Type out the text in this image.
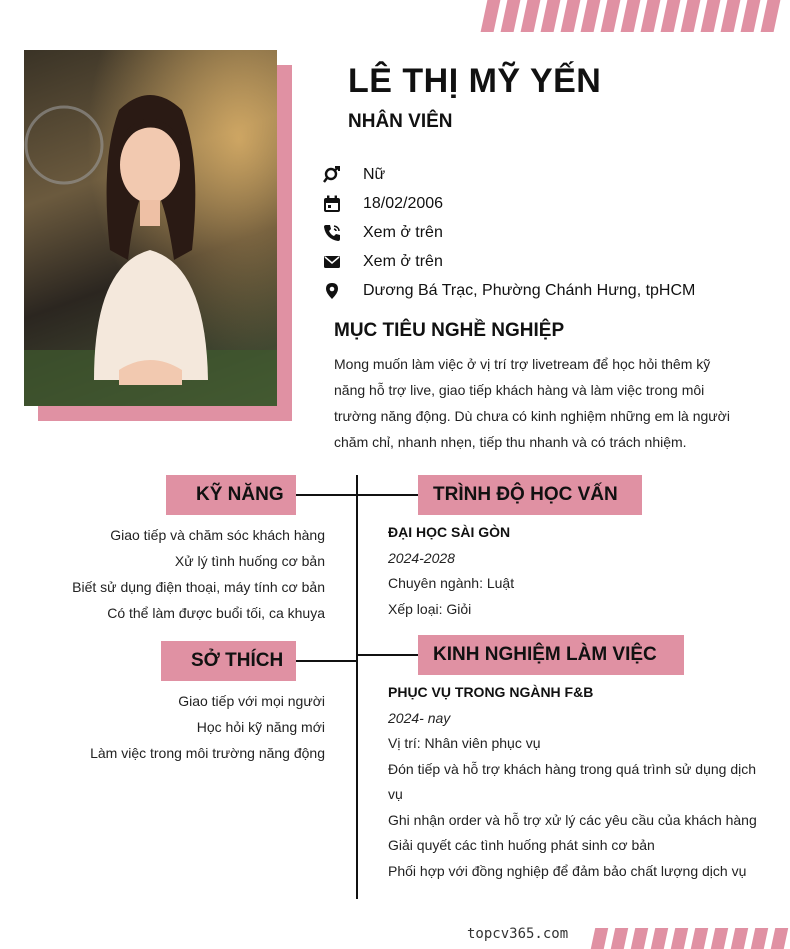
LÊ THỊ MỸ YẾN
NHÂN VIÊN
Nữ
18/02/2006
Xem ở trên
Xem ở trên
Dương Bá Trạc, Phường Chánh Hưng, tpHCM
MỤC TIÊU NGHỀ NGHIỆP
Mong muốn làm việc ở vị trí trợ livetream để học hỏi thêm kỹ
năng hỗ trợ live, giao tiếp khách hàng và làm việc trong môi
trường năng động. Dù chưa có kinh nghiệm những em là người
chăm chỉ, nhanh nhẹn, tiếp thu nhanh và có trách nhiệm.
KỸ NĂNG
Giao tiếp và chăm sóc khách hàng
Xử lý tình huống cơ bản
Biết sử dụng điện thoại, máy tính cơ bản
Có thể làm được buổi tối, ca khuya
SỞ THÍCH
Giao tiếp với mọi người
Học hỏi kỹ năng mới
Làm việc trong môi trường năng động
TRÌNH ĐỘ HỌC VẤN
ĐẠI HỌC SÀI GÒN
2024-2028
Chuyên ngành: Luật
Xếp loại: Giỏi
KINH NGHIỆM LÀM VIỆC
PHỤC VỤ TRONG NGÀNH F&B
2024- nay
Vị trí: Nhân viên phục vụ
Đón tiếp và hỗ trợ khách hàng trong quá trình sử dụng dịch
vụ
Ghi nhận order và hỗ trợ xử lý các yêu cầu của khách hàng
Giải quyết các tình huống phát sinh cơ bản
Phối hợp với đồng nghiệp để đảm bảo chất lượng dịch vụ
topcv365.com
